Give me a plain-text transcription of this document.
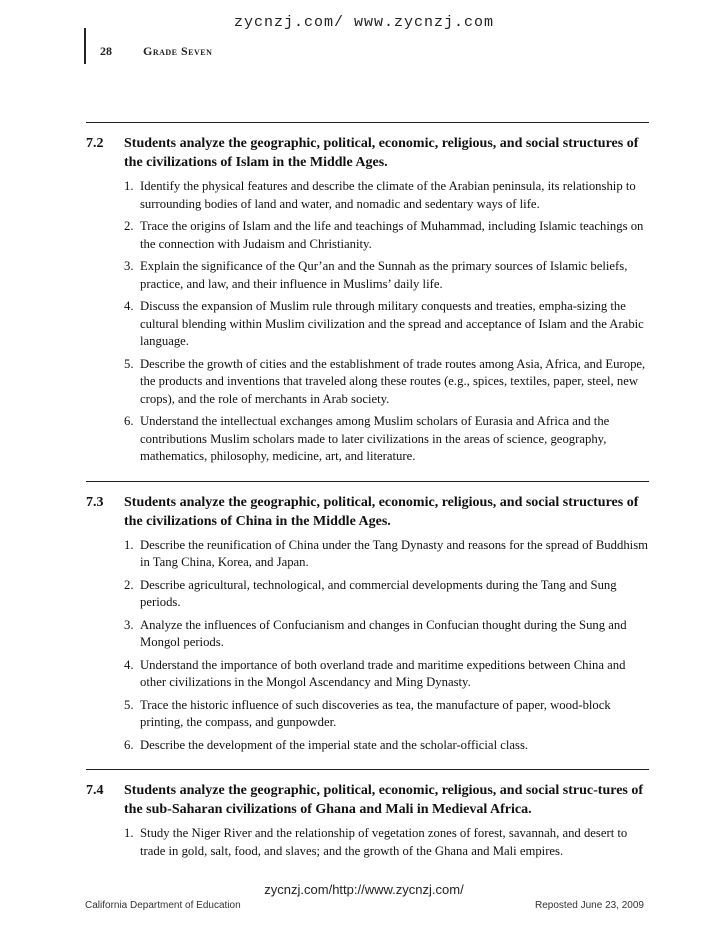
zycnzj.com/ www.zycnzj.com
28	Grade Seven
7.2	Students analyze the geographic, political, economic, religious, and social structures of the civilizations of Islam in the Middle Ages.
1. Identify the physical features and describe the climate of the Arabian peninsula, its relationship to surrounding bodies of land and water, and nomadic and sedentary ways of life.
2. Trace the origins of Islam and the life and teachings of Muhammad, including Islamic teachings on the connection with Judaism and Christianity.
3. Explain the significance of the Qur’an and the Sunnah as the primary sources of Islamic beliefs, practice, and law, and their influence in Muslims’ daily life.
4. Discuss the expansion of Muslim rule through military conquests and treaties, empha-sizing the cultural blending within Muslim civilization and the spread and acceptance of Islam and the Arabic language.
5. Describe the growth of cities and the establishment of trade routes among Asia, Africa, and Europe, the products and inventions that traveled along these routes (e.g., spices, textiles, paper, steel, new crops), and the role of merchants in Arab society.
6. Understand the intellectual exchanges among Muslim scholars of Eurasia and Africa and the contributions Muslim scholars made to later civilizations in the areas of science, geography, mathematics, philosophy, medicine, art, and literature.
7.3	Students analyze the geographic, political, economic, religious, and social structures of the civilizations of China in the Middle Ages.
1. Describe the reunification of China under the Tang Dynasty and reasons for the spread of Buddhism in Tang China, Korea, and Japan.
2. Describe agricultural, technological, and commercial developments during the Tang and Sung periods.
3. Analyze the influences of Confucianism and changes in Confucian thought during the Sung and Mongol periods.
4. Understand the importance of both overland trade and maritime expeditions between China and other civilizations in the Mongol Ascendancy and Ming Dynasty.
5. Trace the historic influence of such discoveries as tea, the manufacture of paper, wood-block printing, the compass, and gunpowder.
6. Describe the development of the imperial state and the scholar-official class.
7.4	Students analyze the geographic, political, economic, religious, and social struc-tures of the sub-Saharan civilizations of Ghana and Mali in Medieval Africa.
1. Study the Niger River and the relationship of vegetation zones of forest, savannah, and desert to trade in gold, salt, food, and slaves; and the growth of the Ghana and Mali empires.
zycnzj.com/http://www.zycnzj.com/
California Department of Education	Reposted June 23, 2009
